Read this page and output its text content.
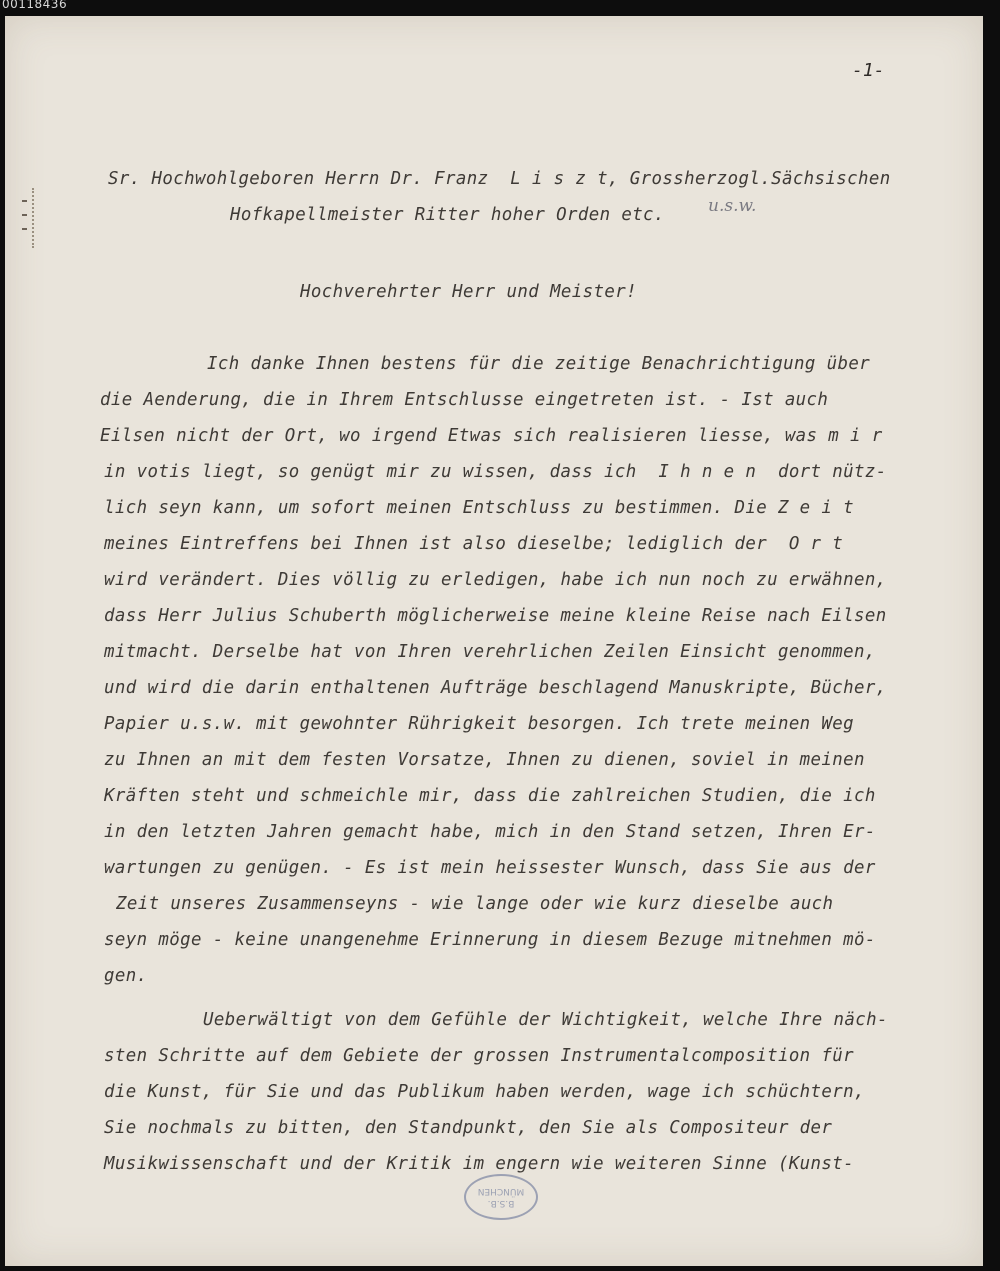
00118436
-1-
Sr. Hochwohlgeboren Herrn Dr. Franz  L i s z t, Grossherzogl.Sächsischen
Hofkapellmeister Ritter hoher Orden etc.	u.s.w.
Hochverehrter Herr und Meister!
Ich danke Ihnen bestens für die zeitige Benachrichtigung über
die Aenderung, die in Ihrem Entschlusse eingetreten ist. - Ist auch
Eilsen nicht der Ort, wo irgend Etwas sich realisieren liesse, was m i r
in votis liegt, so genügt mir zu wissen, dass ich  I h n e n  dort nütz-
lich seyn kann, um sofort meinen Entschluss zu bestimmen. Die Z e i t
meines Eintreffens bei Ihnen ist also dieselbe; lediglich der  O r t
wird verändert. Dies völlig zu erledigen, habe ich nun noch zu erwähnen,
dass Herr Julius Schuberth möglicherweise meine kleine Reise nach Eilsen
mitmacht. Derselbe hat von Ihren verehrlichen Zeilen Einsicht genommen,
und wird die darin enthaltenen Aufträge beschlagend Manuskripte, Bücher,
Papier u.s.w. mit gewohnter Rührigkeit besorgen. Ich trete meinen Weg
zu Ihnen an mit dem festen Vorsatze, Ihnen zu dienen, soviel in meinen
Kräften steht und schmeichle mir, dass die zahlreichen Studien, die ich
in den letzten Jahren gemacht habe, mich in den Stand setzen, Ihren Er-
wartungen zu genügen. - Es ist mein heissester Wunsch, dass Sie aus der
Zeit unseres Zusammenseyns - wie lange oder wie kurz dieselbe auch
seyn möge - keine unangenehme Erinnerung in diesem Bezuge mitnehmen mö-
gen.
Ueberwältigt von dem Gefühle der Wichtigkeit, welche Ihre näch-
sten Schritte auf dem Gebiete der grossen Instrumentalcomposition für
die Kunst, für Sie und das Publikum haben werden, wage ich schüchtern,
Sie nochmals zu bitten, den Standpunkt, den Sie als Compositeur der
Musikwissenschaft und der Kritik im engern wie weiteren Sinne (Kunst-
B.S.B.
MÜNCHEN
